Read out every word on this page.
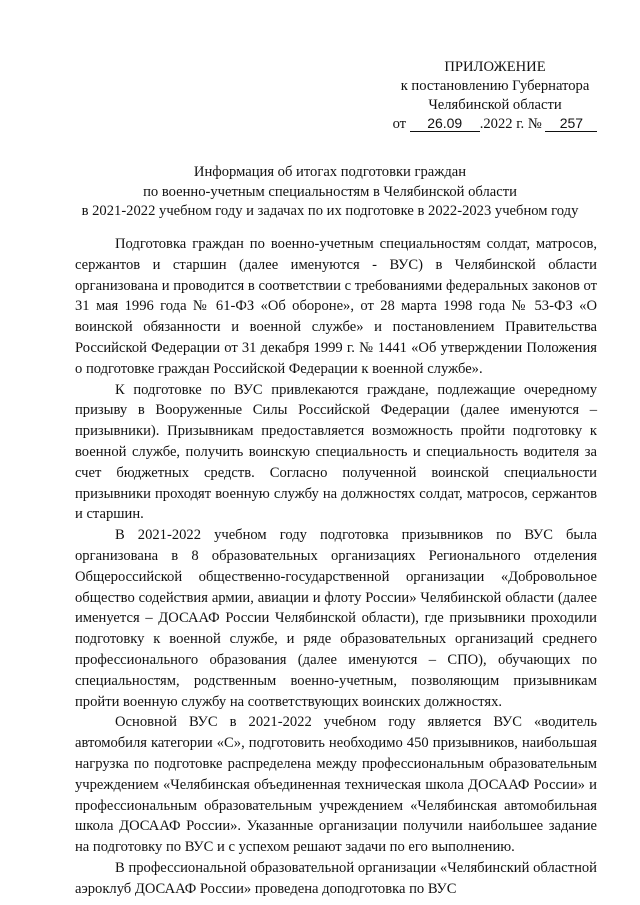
ПРИЛОЖЕНИЕ
к постановлению Губернатора
Челябинской области
от 26.09 .2022 г. № 257
Информация об итогах подготовки граждан
по военно-учетным специальностям в Челябинской области
в 2021-2022 учебном году и задачах по их подготовке в 2022-2023 учебном году

Подготовка граждан по военно-учетным специальностям солдат, матросов, сержантов и старшин (далее именуются - ВУС) в Челябинской области организована и проводится в соответствии с требованиями федеральных законов от 31 мая 1996 года № 61-ФЗ «Об обороне», от 28 марта 1998 года № 53-ФЗ «О воинской обязанности и военной службе» и постановлением Правительства Российской Федерации от 31 декабря 1999 г. № 1441 «Об утверждении Положения о подготовке граждан Российской Федерации к военной службе».

К подготовке по ВУС привлекаются граждане, подлежащие очередному призыву в Вооруженные Силы Российской Федерации (далее именуются – призывники). Призывникам предоставляется возможность пройти подготовку к военной службе, получить воинскую специальность и специальность водителя за счет бюджетных средств. Согласно полученной воинской специальности призывники проходят военную службу на должностях солдат, матросов, сержантов и старшин.

В 2021-2022 учебном году подготовка призывников по ВУС была организована в 8 образовательных организациях Регионального отделения Общероссийской общественно-государственной организации «Добровольное общество содействия армии, авиации и флоту России» Челябинской области (далее именуется – ДОСААФ России Челябинской области), где призывники проходили подготовку к военной службе, и ряде образовательных организаций среднего профессионального образования (далее именуются – СПО), обучающих по специальностям, родственным военно-учетным, позволяющим призывникам пройти военную службу на соответствующих воинских должностях.

Основной ВУС в 2021-2022 учебном году является ВУС «водитель автомобиля категории «С», подготовить необходимо 450 призывников, наибольшая нагрузка по подготовке распределена между профессиональным образовательным учреждением «Челябинская объединенная техническая школа ДОСААФ России» и профессиональным образовательным учреждением «Челябинская автомобильная школа ДОСААФ России». Указанные организации получили наибольшее задание на подготовку по ВУС и с успехом решают задачи по его выполнению.

В профессиональной образовательной организации «Челябинский областной аэроклуб ДОСААФ России» проведена доподготовка по ВУС
